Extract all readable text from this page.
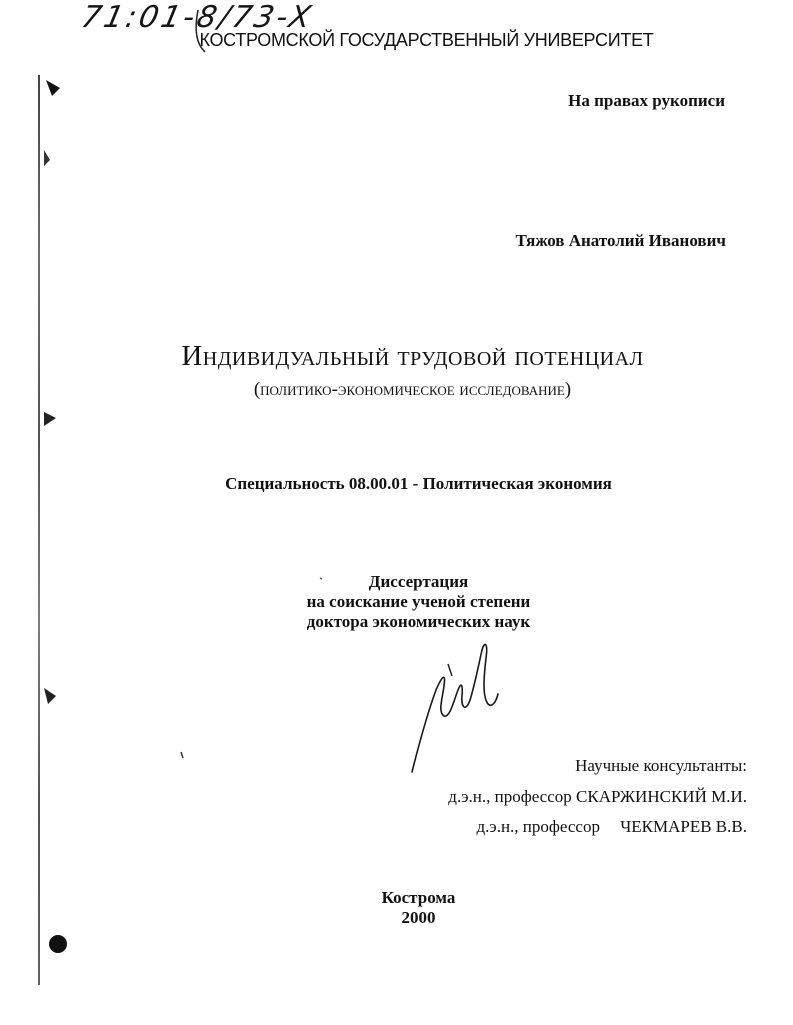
71:01-8/73-X
КОСТРОМСКОЙ ГОСУДАРСТВЕННЫЙ УНИВЕРСИТЕТ
На правах рукописи
Тяжов Анатолий Иванович
Индивидуальный трудовой потенциал
(политико-экономическое исследование)
Специальность 08.00.01 - Политическая экономия
Диссертация
на соискание ученой степени
доктора экономических наук
Научные консультанты:
д.э.н., профессор СКАРЖИНСКИЙ М.И.
д.э.н., профессор ЧЕКМАРЕВ В.В.
Кострома
2000
